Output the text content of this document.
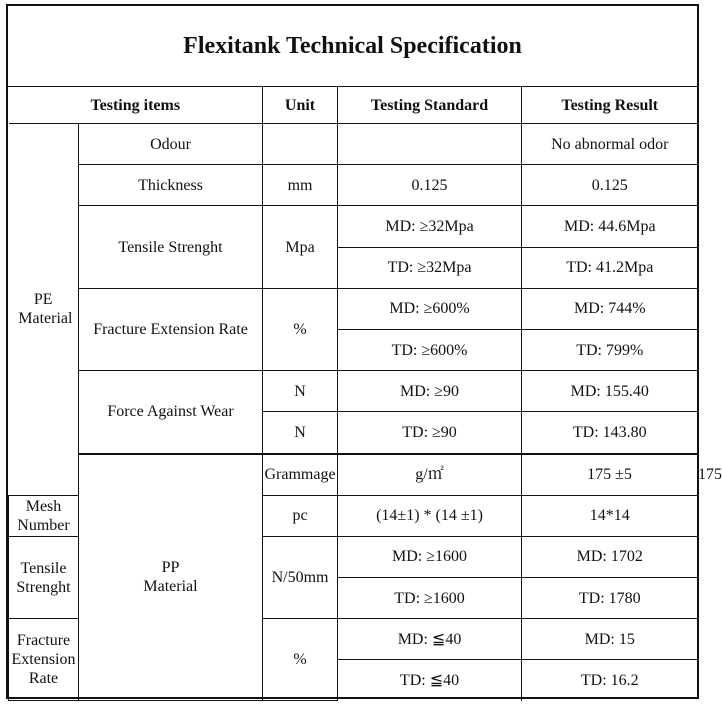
Flexitank Technical Specification
Testing items		Unit	Testing Standard	Testing Result	
PE Material	Odour			No abnormal odor	
	Thickness	mm	0.125	0.125	
	Tensile Strenght	Mpa	MD: ≥32Mpa	MD: 44.6Mpa	
			TD: ≥32Mpa	TD: 41.2Mpa	
	Fracture Extension Rate	%	MD: ≥600%	MD: 744%	
			TD: ≥600%	TD: 799%	
	Force Against Wear	N	MD: ≥90	MD: 155.40	
		N	TD: ≥90	TD: 143.80	
	PP Material	Grammage	g/㎡	175 ±5	175
Mesh Number		pc	(14±1) * (14 ±1)	14*14	
Tensile Strenght		N/50mm	MD: ≥1600	MD: 1702	
			TD: ≥1600	TD: 1780	
Fracture Extension Rate		%	MD: ≦40	MD: 15	
			TD: ≦40	TD: 16.2	
